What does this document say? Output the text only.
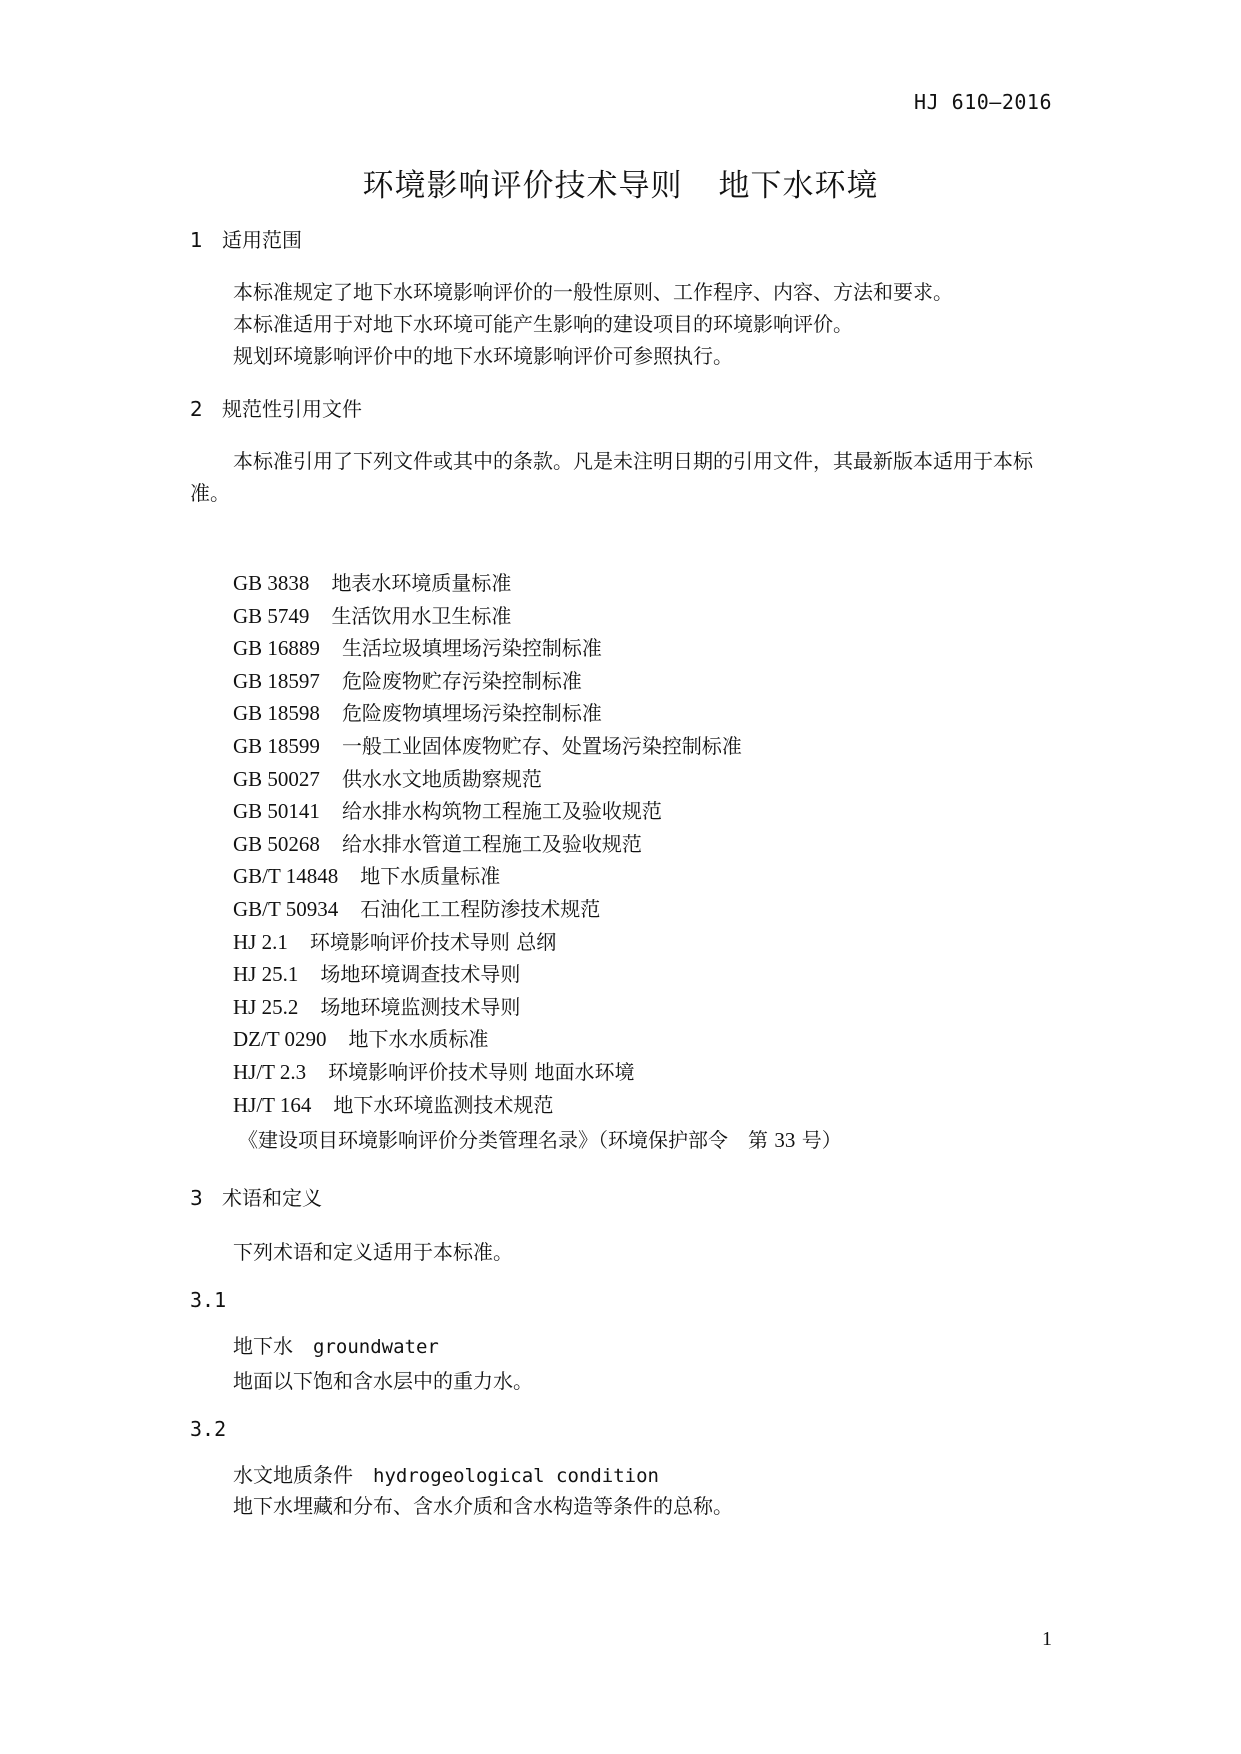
HJ 610—2016
环境影响评价技术导则 地下水环境
1 适用范围
本标准规定了地下水环境影响评价的一般性原则、工作程序、内容、方法和要求。
本标准适用于对地下水环境可能产生影响的建设项目的环境影响评价。
规划环境影响评价中的地下水环境影响评价可参照执行。
2 规范性引用文件
本标准引用了下列文件或其中的条款。凡是未注明日期的引用文件，其最新版本适用于本标准。
GB 3838 地表水环境质量标准
GB 5749 生活饮用水卫生标准
GB 16889 生活垃圾填埋场污染控制标准
GB 18597 危险废物贮存污染控制标准
GB 18598 危险废物填埋场污染控制标准
GB 18599 一般工业固体废物贮存、处置场污染控制标准
GB 50027 供水水文地质勘察规范
GB 50141 给水排水构筑物工程施工及验收规范
GB 50268 给水排水管道工程施工及验收规范
GB/T 14848 地下水质量标准
GB/T 50934 石油化工工程防渗技术规范
HJ 2.1 环境影响评价技术导则 总纲
HJ 25.1 场地环境调查技术导则
HJ 25.2 场地环境监测技术导则
DZ/T 0290 地下水水质标准
HJ/T 2.3 环境影响评价技术导则 地面水环境
HJ/T 164 地下水环境监测技术规范
《建设项目环境影响评价分类管理名录》（环境保护部令　第 33 号）
3 术语和定义
下列术语和定义适用于本标准。
3.1
地下水 groundwater
地面以下饱和含水层中的重力水。
3.2
水文地质条件 hydrogeological condition
地下水埋藏和分布、含水介质和含水构造等条件的总称。
1
